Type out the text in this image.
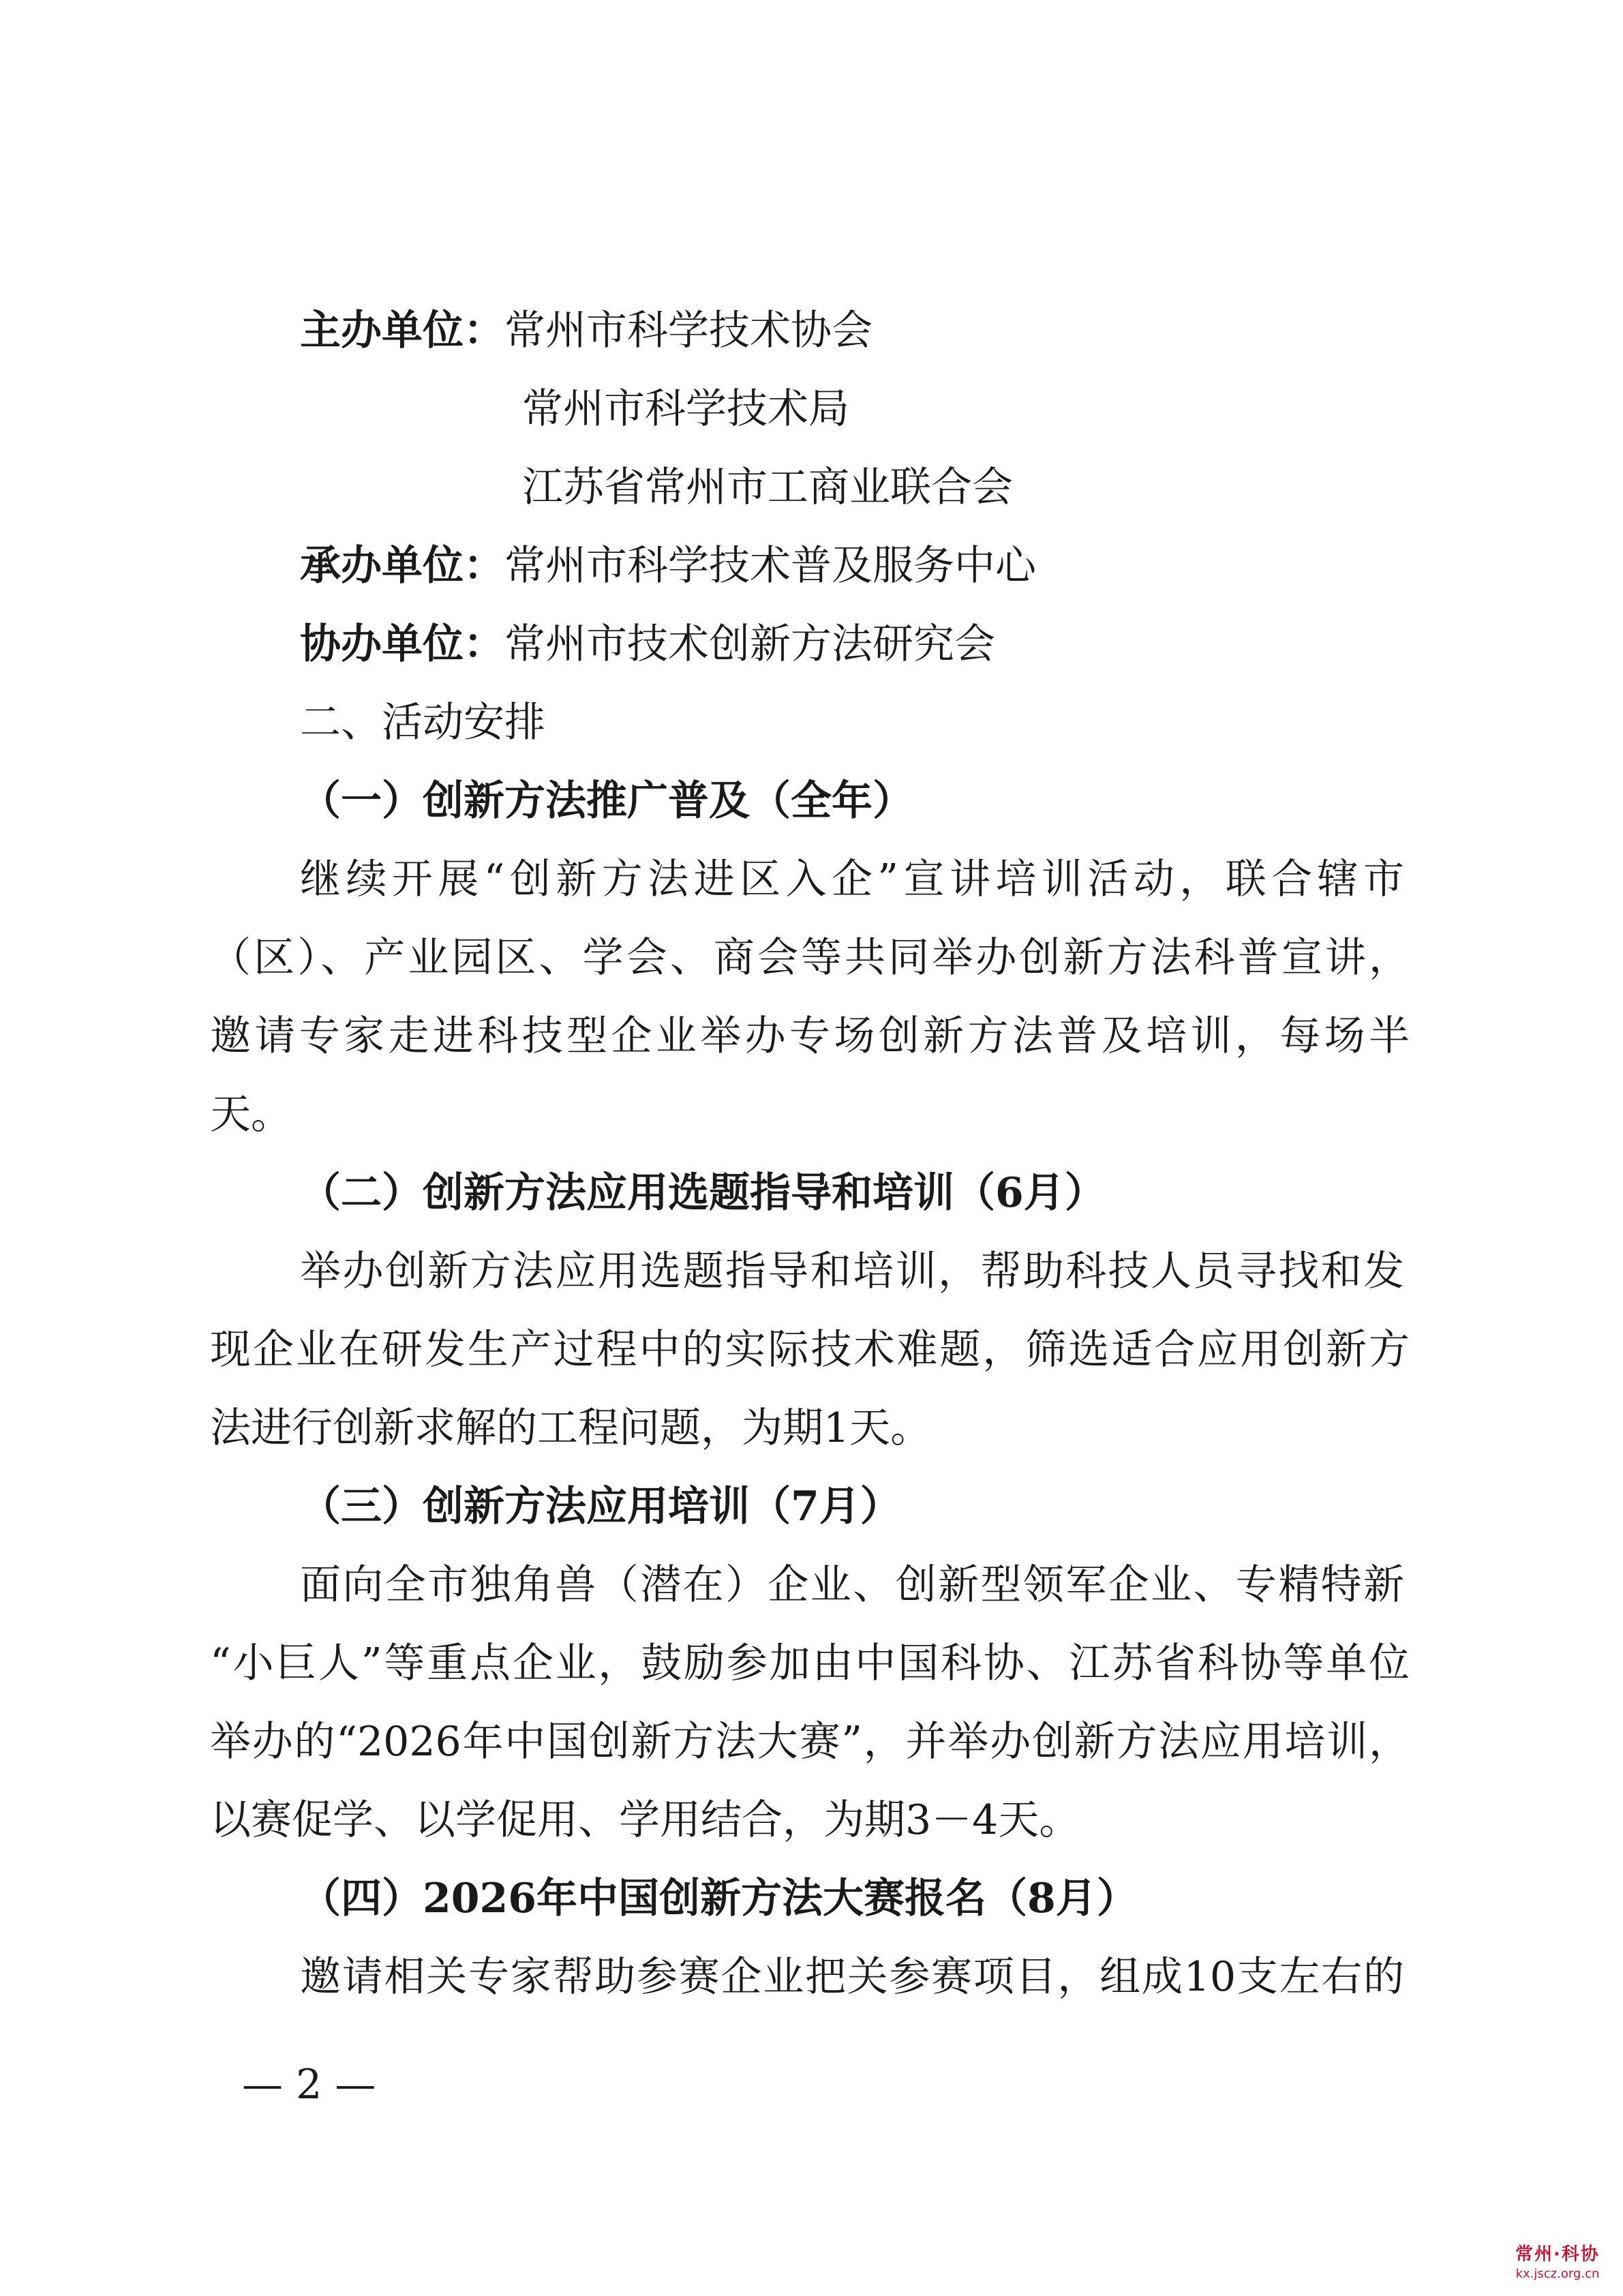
主办单位：常州市科学技术协会
常州市科学技术局
江苏省常州市工商业联合会
承办单位：常州市科学技术普及服务中心
协办单位：常州市技术创新方法研究会
二、活动安排
（一）创新方法推广普及（全年）
继续开展“创新方法进区入企”宣讲培训活动，联合辖市
（区）、产业园区、学会、商会等共同举办创新方法科普宣讲，
邀请专家走进科技型企业举办专场创新方法普及培训，每场半
天。
（二）创新方法应用选题指导和培训（6月）
举办创新方法应用选题指导和培训，帮助科技人员寻找和发
现企业在研发生产过程中的实际技术难题，筛选适合应用创新方
法进行创新求解的工程问题，为期1天。
（三）创新方法应用培训（7月）
面向全市独角兽（潜在）企业、创新型领军企业、专精特新
“小巨人”等重点企业，鼓励参加由中国科协、江苏省科协等单位
举办的“2026年中国创新方法大赛”，并举办创新方法应用培训，
以赛促学、以学促用、学用结合，为期3－4天。
（四）2026年中国创新方法大赛报名（8月）
邀请相关专家帮助参赛企业把关参赛项目，组成10支左右的
— 2 —
常州·科协
kx.jscz.org.cn
